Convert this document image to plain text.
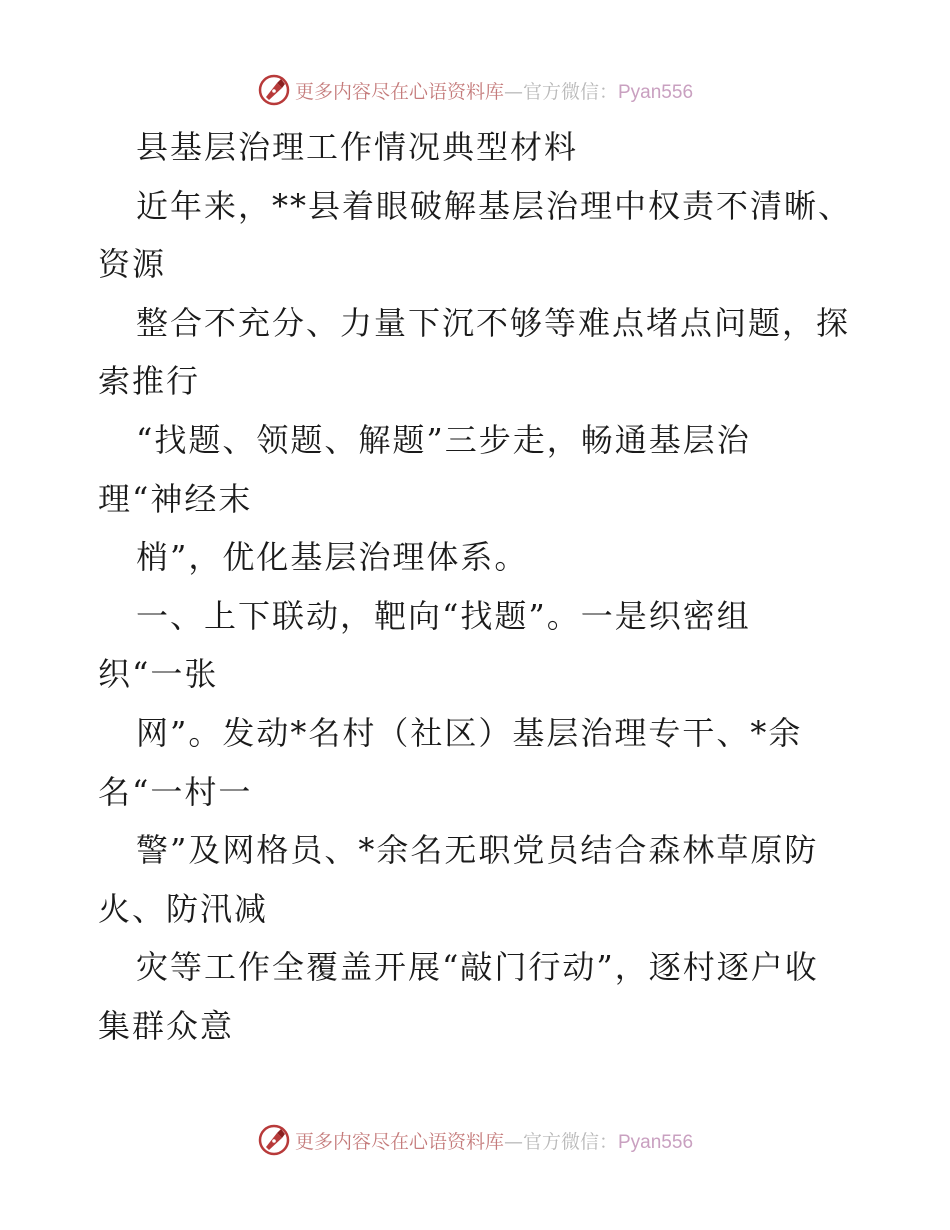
更多内容尽在心语资料库—官方微信：Pyan556
县基层治理工作情况典型材料
近年来，**县着眼破解基层治理中权责不清晰、
资源
整合不充分、力量下沉不够等难点堵点问题，探
索推行
“找题、领题、解题”三步走，畅通基层治
理“神经末
梢”，优化基层治理体系。
一、上下联动，靶向“找题”。一是织密组
织“一张
网”。发动*名村（社区）基层治理专干、*余
名“一村一
警”及网格员、*余名无职党员结合森林草原防
火、防汛减
灾等工作全覆盖开展“敲门行动”，逐村逐户收
集群众意
更多内容尽在心语资料库—官方微信：Pyan556
